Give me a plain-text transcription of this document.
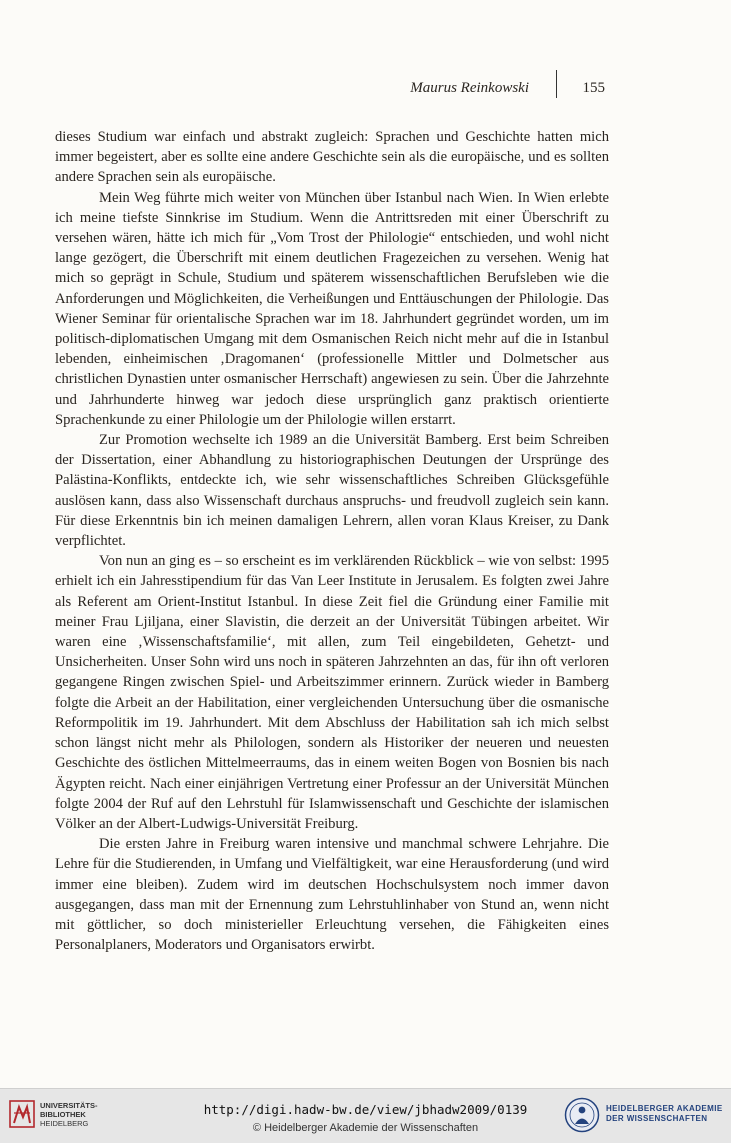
Maurus Reinkowski	155

dieses Studium war einfach und abstrakt zugleich: Sprachen und Geschichte hatten mich immer begeistert, aber es sollte eine andere Geschichte sein als die europäische, und es sollten andere Sprachen sein als europäische.

Mein Weg führte mich weiter von München über Istanbul nach Wien. In Wien erlebte ich meine tiefste Sinnkrise im Studium. Wenn die Antrittsreden mit einer Überschrift zu versehen wären, hätte ich mich für „Vom Trost der Philologie“ entschieden, und wohl nicht lange gezögert, die Überschrift mit einem deutlichen Fragezeichen zu versehen. Wenig hat mich so geprägt in Schule, Studium und späterem wissenschaftlichen Berufsleben wie die Anforderungen und Möglichkeiten, die Verheißungen und Enttäuschungen der Philologie. Das Wiener Seminar für orientalische Sprachen war im 18. Jahrhundert gegründet worden, um im politisch-diplomatischen Umgang mit dem Osmanischen Reich nicht mehr auf die in Istanbul lebenden, einheimischen ‚Dragomanen‘ (professionelle Mittler und Dolmetscher aus christlichen Dynastien unter osmanischer Herrschaft) angewiesen zu sein. Über die Jahrzehnte und Jahrhunderte hinweg war jedoch diese ursprünglich ganz praktisch orientierte Sprachenkunde zu einer Philologie um der Philologie willen erstarrt.

Zur Promotion wechselte ich 1989 an die Universität Bamberg. Erst beim Schreiben der Dissertation, einer Abhandlung zu historiographischen Deutungen der Ursprünge des Palästina-Konflikts, entdeckte ich, wie sehr wissenschaftliches Schreiben Glücksgefühle auslösen kann, dass also Wissenschaft durchaus anspruchs- und freudvoll zugleich sein kann. Für diese Erkenntnis bin ich meinen damaligen Lehrern, allen voran Klaus Kreiser, zu Dank verpflichtet.

Von nun an ging es – so erscheint es im verklärenden Rückblick – wie von selbst: 1995 erhielt ich ein Jahresstipendium für das Van Leer Institute in Jerusalem. Es folgten zwei Jahre als Referent am Orient-Institut Istanbul. In diese Zeit fiel die Gründung einer Familie mit meiner Frau Ljiljana, einer Slavistin, die derzeit an der Universität Tübingen arbeitet. Wir waren eine ‚Wissenschaftsfamilie‘, mit allen, zum Teil eingebildeten, Gehetzt- und Unsicherheiten. Unser Sohn wird uns noch in späteren Jahrzehnten an das, für ihn oft verloren gegangene Ringen zwischen Spiel- und Arbeitszimmer erinnern. Zurück wieder in Bamberg folgte die Arbeit an der Habilitation, einer vergleichenden Untersuchung über die osmanische Reformpolitik im 19. Jahrhundert. Mit dem Abschluss der Habilitation sah ich mich selbst schon längst nicht mehr als Philologen, sondern als Historiker der neueren und neuesten Geschichte des östlichen Mittelmeerraums, das in einem weiten Bogen von Bosnien bis nach Ägypten reicht. Nach einer einjährigen Vertretung einer Professur an der Universität München folgte 2004 der Ruf auf den Lehrstuhl für Islamwissenschaft und Geschichte der islamischen Völker an der Albert-Ludwigs-Universität Freiburg.

Die ersten Jahre in Freiburg waren intensive und manchmal schwere Lehrjahre. Die Lehre für die Studierenden, in Umfang und Vielfältigkeit, war eine Herausforderung (und wird immer eine bleiben). Zudem wird im deutschen Hochschulsystem noch immer davon ausgegangen, dass man mit der Ernennung zum Lehrstuhlinhaber von Stund an, wenn nicht mit göttlicher, so doch ministerieller Erleuchtung versehen, die Fähigkeiten eines Personalplaners, Moderators und Organisators erwirbt.

UNIVERSITÄTS-
BIBLIOTHEK
HEIDELBERG
http://digi.hadw-bw.de/view/jbhadw2009/0139
© Heidelberger Akademie der Wissenschaften
HEIDELBERGER AKADEMIE
DER WISSENSCHAFTEN
